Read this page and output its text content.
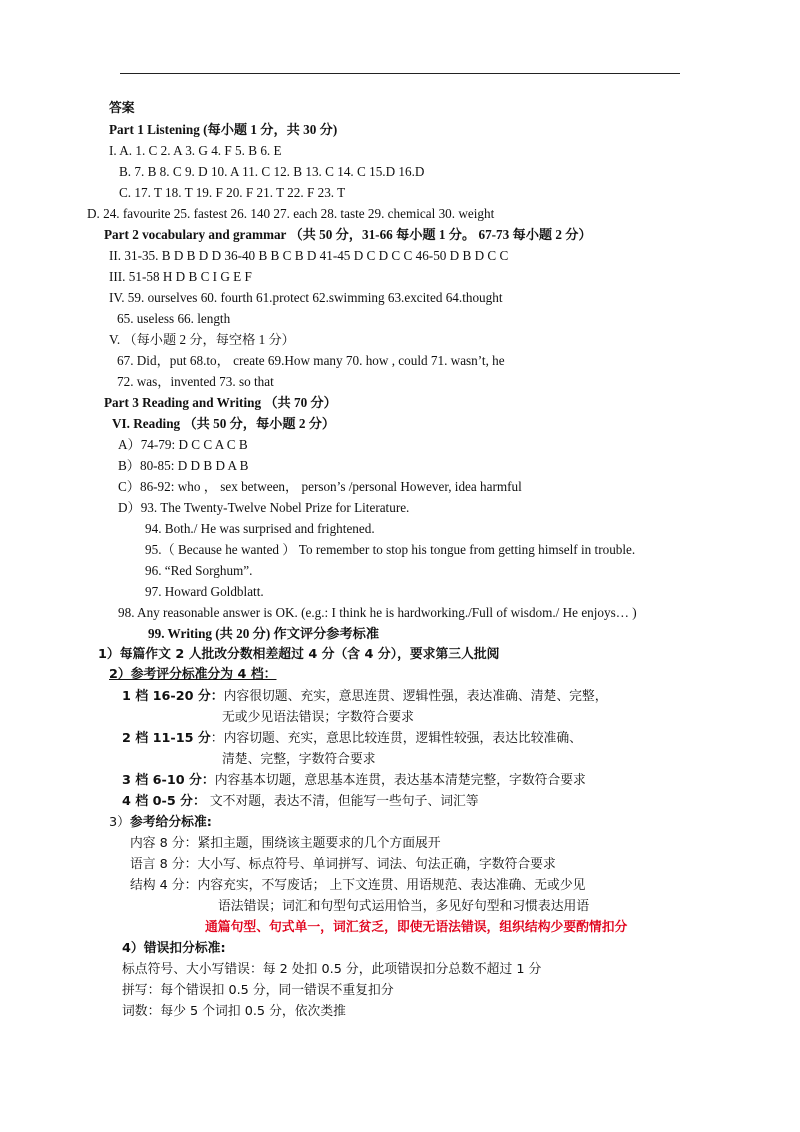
答案
Part 1 Listening (每小题 1 分，共 30 分)
I. A. 1. C 2. A 3. G 4. F 5. B 6. E
B. 7. B 8. C 9. D 10. A 11. C 12. B 13. C 14. C 15.D 16.D
C. 17. T 18. T 19. F 20. F 21. T 22. F 23. T
D. 24. favourite 25. fastest 26. 140 27. each 28. taste 29. chemical 30. weight
Part 2 vocabulary and grammar （共 50 分，31-66 每小题 1 分。 67-73 每小题 2 分）
II. 31-35. B D B D D 36-40 B B C B D 41-45 D C D C C 46-50 D B D C C
III. 51-58 H D B C I G E F
IV. 59. ourselves 60. fourth 61.protect 62.swimming 63.excited 64.thought
65. useless 66. length
V. （每小题 2 分，每空格 1 分）
67. Did，put 68.to， create 69.How many 70. how , could 71. wasn’t, he
72. was，invented 73. so that
Part 3 Reading and Writing （共 70 分）
VI. Reading （共 50 分，每小题 2 分）
A）74-79: D C C A C B
B）80-85: D D B D A B
C）86-92: who ， sex between， person’s /personal However, idea harmful
D）93. The Twenty-Twelve Nobel Prize for Literature.
94. Both./ He was surprised and frightened.
95.（ Because he wanted ） To remember to stop his tongue from getting himself in trouble.
96. “Red Sorghum”.
97. Howard Goldblatt.
98. Any reasonable answer is OK. (e.g.: I think he is hardworking./Full of wisdom./ He enjoys… )
99. Writing (共 20 分) 作文评分参考标准
1）每篇作文 2 人批改分数相差超过 4 分（含 4 分），要求第三人批阅
2）参考评分标准分为 4 档：
1 档 16-20 分：内容很切题、充实，意思连贯、逻辑性强，表达准确、清楚、完整，
无或少见语法错误；字数符合要求
2 档 11-15 分：内容切题、充实，意思比较连贯，逻辑性较强，表达比较准确、
清楚、完整，字数符合要求
3 档 6-10 分：内容基本切题，意思基本连贯，表达基本清楚完整，字数符合要求
4 档 0-5 分： 文不对题，表达不清，但能写一些句子、词汇等
3）参考给分标准:
内容 8 分：紧扣主题，围绕该主题要求的几个方面展开
语言 8 分：大小写、标点符号、单词拼写、词法、句法正确，字数符合要求
结构 4 分：内容充实，不写废话； 上下文连贯、用语规范、表达准确、无或少见
语法错误；词汇和句型句式运用恰当，多见好句型和习惯表达用语
通篇句型、句式单一，词汇贫乏，即使无语法错误，组织结构少要酌情扣分
4）错误扣分标准:
标点符号、大小写错误：每 2 处扣 0.5 分，此项错误扣分总数不超过 1 分
拼写：每个错误扣 0.5 分，同一错误不重复扣分
词数：每少 5 个词扣 0.5 分，依次类推
